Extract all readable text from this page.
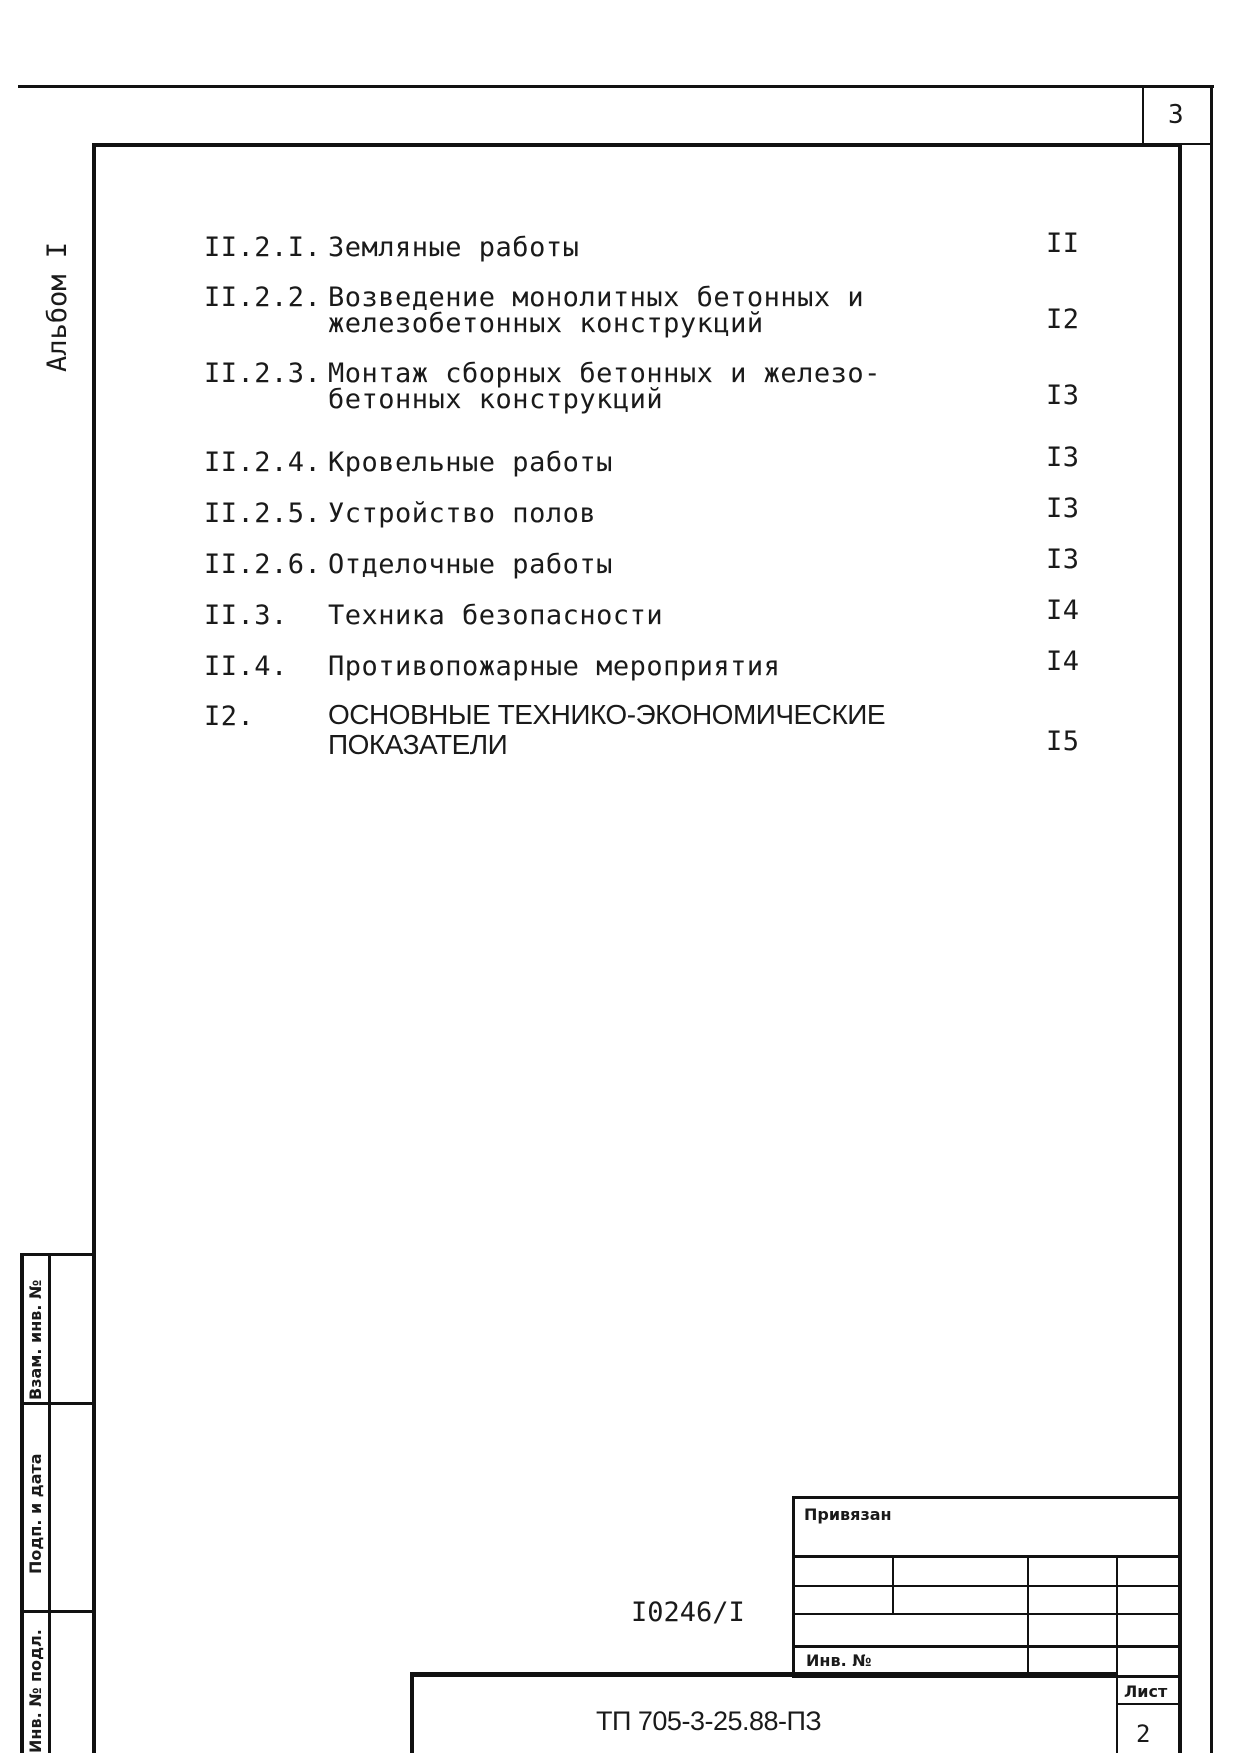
3
Альбом I	II.2.I. Земляные работы	II
II.2.2. Возведение монолитных бетонных и
железобетонных конструкций	I2
II.2.3. Монтаж сборных бетонных и железо-
бетонных конструкций	I3
II.2.4. Кровельные работы	I3
II.2.5. Устройство полов	I3
II.2.6. Отделочные работы	I3
II.3. Техника безопасности	I4
II.4. Противопожарные мероприятия	I4
I2.	ОСНОВНЫЕ ТЕХНИКО-ЭКОНОМИЧЕСКИЕ
ПОКАЗАТЕЛИ	I5
I0246/I
Привязан
Инв. №
Лист
2
ТП 705-3-25.88-ПЗ
Взам. инв. №
Подп. и дата
Инв. № подл.
